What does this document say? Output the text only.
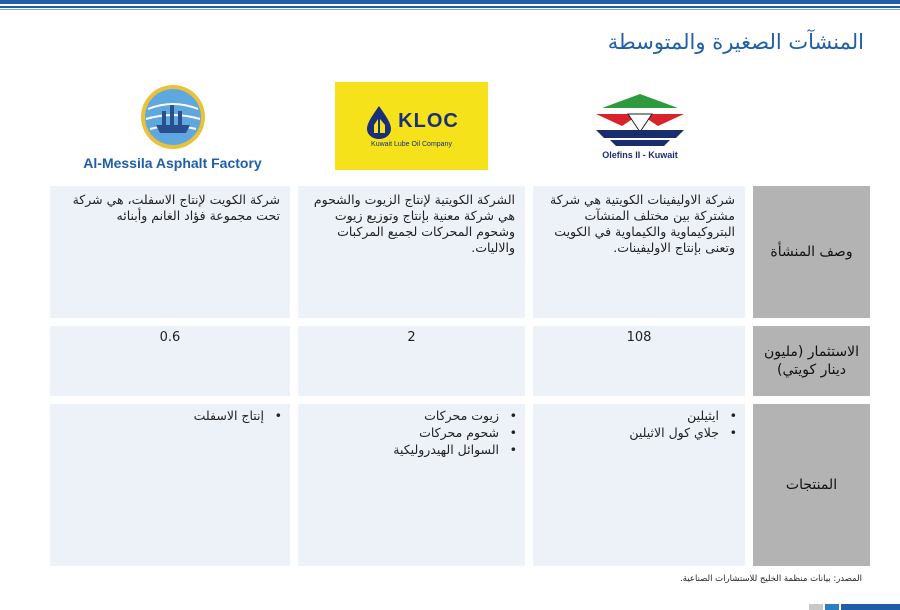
المنشآت الصغيرة والمتوسطة
Olefins II - Kuwait
KLOC
Kuwait Lube Oil Company
Al-Messila Asphalt Factory
وصف المنشأة
شركة الاوليفينات الكويتية هي شركة مشتركة بين مختلف المنشآت البتروكيماوية والكيماوية في الكويت وتعنى بإنتاج الاوليفينات.
الشركة الكويتية لإنتاج الزيوت والشحوم هي شركة معنية بإنتاج وتوزيع زيوت وشحوم المحركات لجميع المركبات والاليات.
شركة الكويت لإنتاج الاسفلت، هي شركة تحت مجموعة فؤاد الغانم وأبنائه
الاستثمار (مليون دينار كويتي)
108
2
0.6
المنتجات
• ايثيلين
• جلاي كول الاثيلين
• زيوت محركات
• شحوم محركات
• السوائل الهيدروليكية
• إنتاج الاسفلت
المصدر: بيانات منظمة الخليج للاستشارات الصناعية.
